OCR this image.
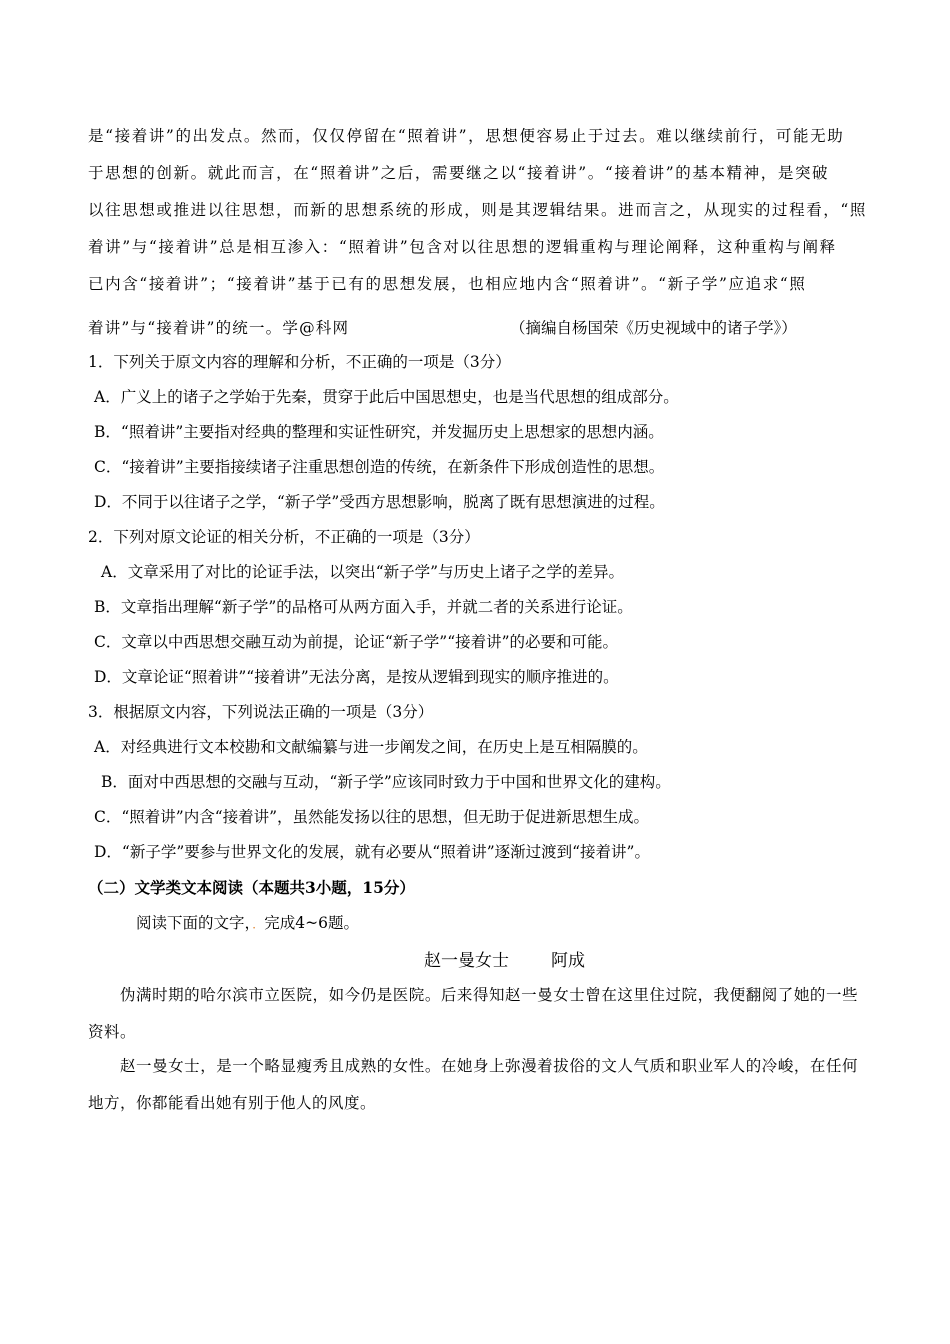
是“接着讲”的出发点。然而，仅仅停留在“照着讲”，思想便容易止于过去。难以继续前行，可能无助
于思想的创新。就此而言，在“照着讲”之后，需要继之以“接着讲”。“接着讲”的基本精神，是突破
以往思想或推进以往思想，而新的思想系统的形成，则是其逻辑结果。进而言之，从现实的过程看，“照
着讲”与“接着讲”总是相互渗入：“照着讲”包含对以往思想的逻辑重构与理论阐释，这种重构与阐释
已内含“接着讲”；“接着讲”基于已有的思想发展，也相应地内含“照着讲”。“新子学”应追求“照
着讲”与“接着讲”的统一。学@科网	（摘编自杨国荣《历史视域中的诸子学》）
1．下列关于原文内容的理解和分析，不正确的一项是（3分）
A．广义上的诸子之学始于先秦，贯穿于此后中国思想史，也是当代思想的组成部分。
B．“照着讲”主要指对经典的整理和实证性研究，并发掘历史上思想家的思想内涵。
C．“接着讲”主要指接续诸子注重思想创造的传统，在新条件下形成创造性的思想。
D．不同于以往诸子之学，“新子学”受西方思想影响，脱离了既有思想演进的过程。
2．下列对原文论证的相关分析，不正确的一项是（3分）
A．文章采用了对比的论证手法，以突出“新子学”与历史上诸子之学的差异。
B．文章指出理解“新子学”的品格可从两方面入手，并就二者的关系进行论证。
C．文章以中西思想交融互动为前提，论证“新子学”“接着讲”的必要和可能。
D．文章论证“照着讲”“接着讲”无法分离，是按从逻辑到现实的顺序推进的。
3．根据原文内容，下列说法正确的一项是（3分）
A．对经典进行文本校勘和文献编纂与进一步阐发之间，在历史上是互相隔膜的。
B．面对中西思想的交融与互动，“新子学”应该同时致力于中国和世界文化的建构。
C．“照着讲”内含“接着讲”，虽然能发扬以往的思想，但无助于促进新思想生成。
D．“新子学”要参与世界文化的发展，就有必要从“照着讲”逐渐过渡到“接着讲”。
（二）文学类文本阅读（本题共3小题，15分）
阅读下面的文字，．完成4~6题。
赵一曼女士 阿成
伪满时期的哈尔滨市立医院，如今仍是医院。后来得知赵一曼女士曾在这里住过院，我便翻阅了她的一些资料。
赵一曼女士，是一个略显瘦秀且成熟的女性。在她身上弥漫着拔俗的文人气质和职业军人的冷峻，在任何地方，你都能看出她有别于他人的风度。
